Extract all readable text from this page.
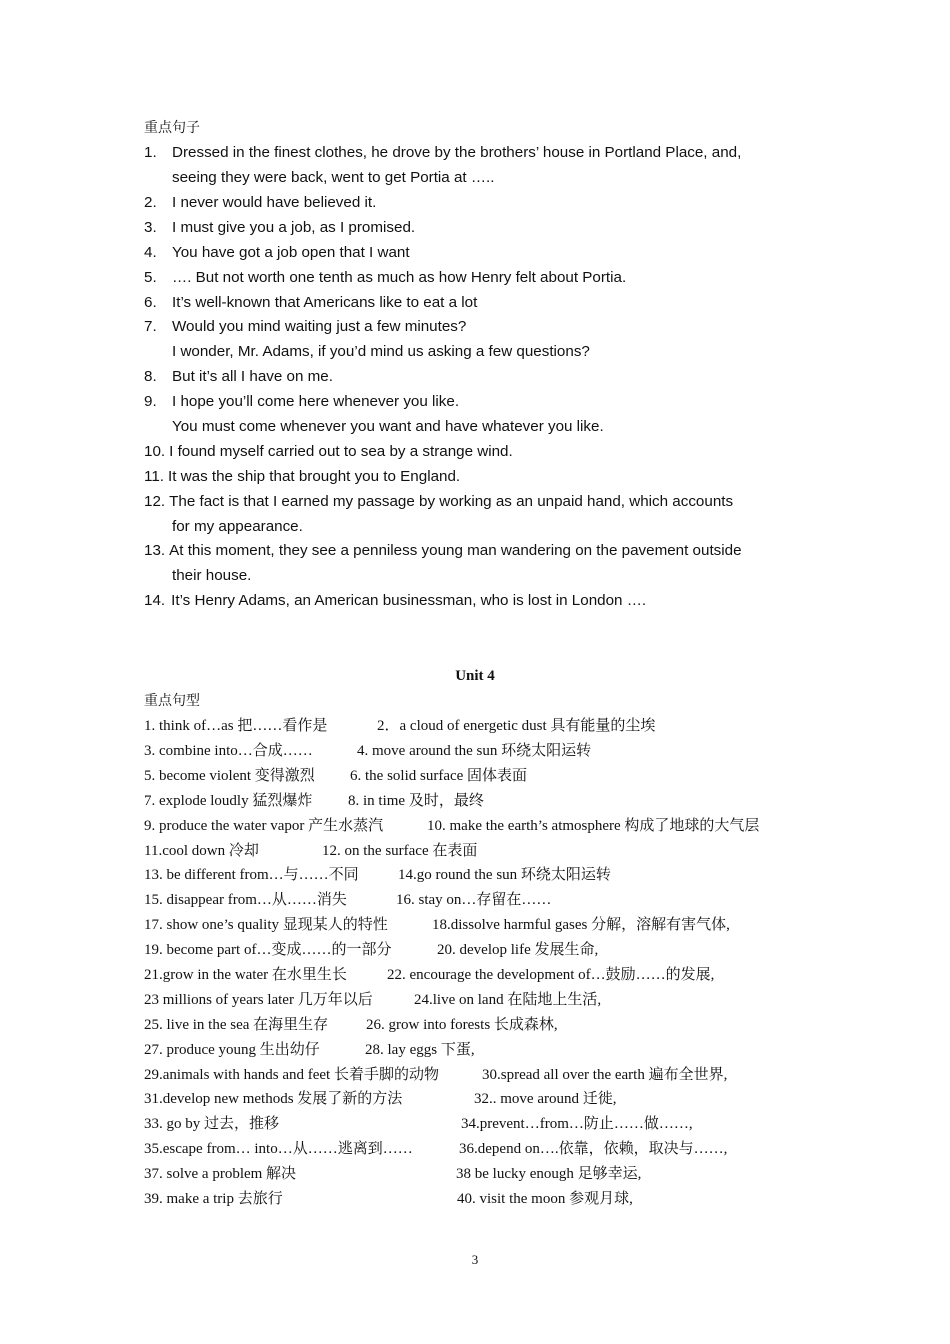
重点句子
1. Dressed in the finest clothes, he drove by the brothers’ house in Portland Place, and,
seeing they were back, went to get Portia at …..
2. I never would have believed it.
3. I must give you a job, as I promised.
4. You have got a job open that I want
5. …. But not worth one tenth as much as how Henry felt about Portia.
6. It’s well-known that Americans like to eat a lot
7. Would you mind waiting just a few minutes?
I wonder, Mr. Adams, if you’d mind us asking a few questions?
8. But it’s all I have on me.
9. I hope you’ll come here whenever you like.
You must come whenever you want and have whatever you like.
10. I found myself carried out to sea by a strange wind.
11. It was the ship that brought you to England.
12. The fact is that I earned my passage by working as an unpaid hand, which accounts
for my appearance.
13. At this moment, they see a penniless young man wandering on the pavement outside
their house.
14. It’s Henry Adams, an American businessman, who is lost in London ….
Unit 4
重点句型
1. think of…as 把……看作是	2．a cloud of energetic dust 具有能量的尘埃
3. combine into…合成……	4. move around the sun 环绕太阳运转
5. become violent 变得激烈 6. the solid surface 固体表面
7. explode loudly 猛烈爆炸 8. in time 及时，最终
9. produce the water vapor 产生水蒸汽	10. make the earth’s atmosphere 构成了地球的大气层
11.cool down 冷却	12. on the surface 在表面
13. be different from…与……不同	14.go round the sun 环绕太阳运转
15. disappear from…从……消失	16. stay on…存留在……
17. show one’s quality 显现某人的特性	18.dissolve harmful gases 分解，溶解有害气体,
19. become part of…变成……的一部分	20. develop life 发展生命,
21.grow in the water 在水里生长	22. encourage the development of…鼓励……的发展,
23 millions of years later 几万年以后	24.live on land 在陆地上生活,
25. live in the sea 在海里生存	26. grow into forests 长成森林,
27. produce young 生出幼仔	28. lay eggs 下蛋,
29.animals with hands and feet 长着手脚的动物	30.spread all over the earth 遍布全世界,
31.develop new methods 发展了新的方法	32.. move around 迁徙,
33. go by 过去，推移	34.prevent…from…防止……做……,
35.escape from… into…从……逃离到……	36.depend on….依靠，依赖，取决与……,
37. solve a problem 解决	38 be lucky enough 足够幸运,
39. make a trip 去旅行	40. visit the moon 参观月球,
3
